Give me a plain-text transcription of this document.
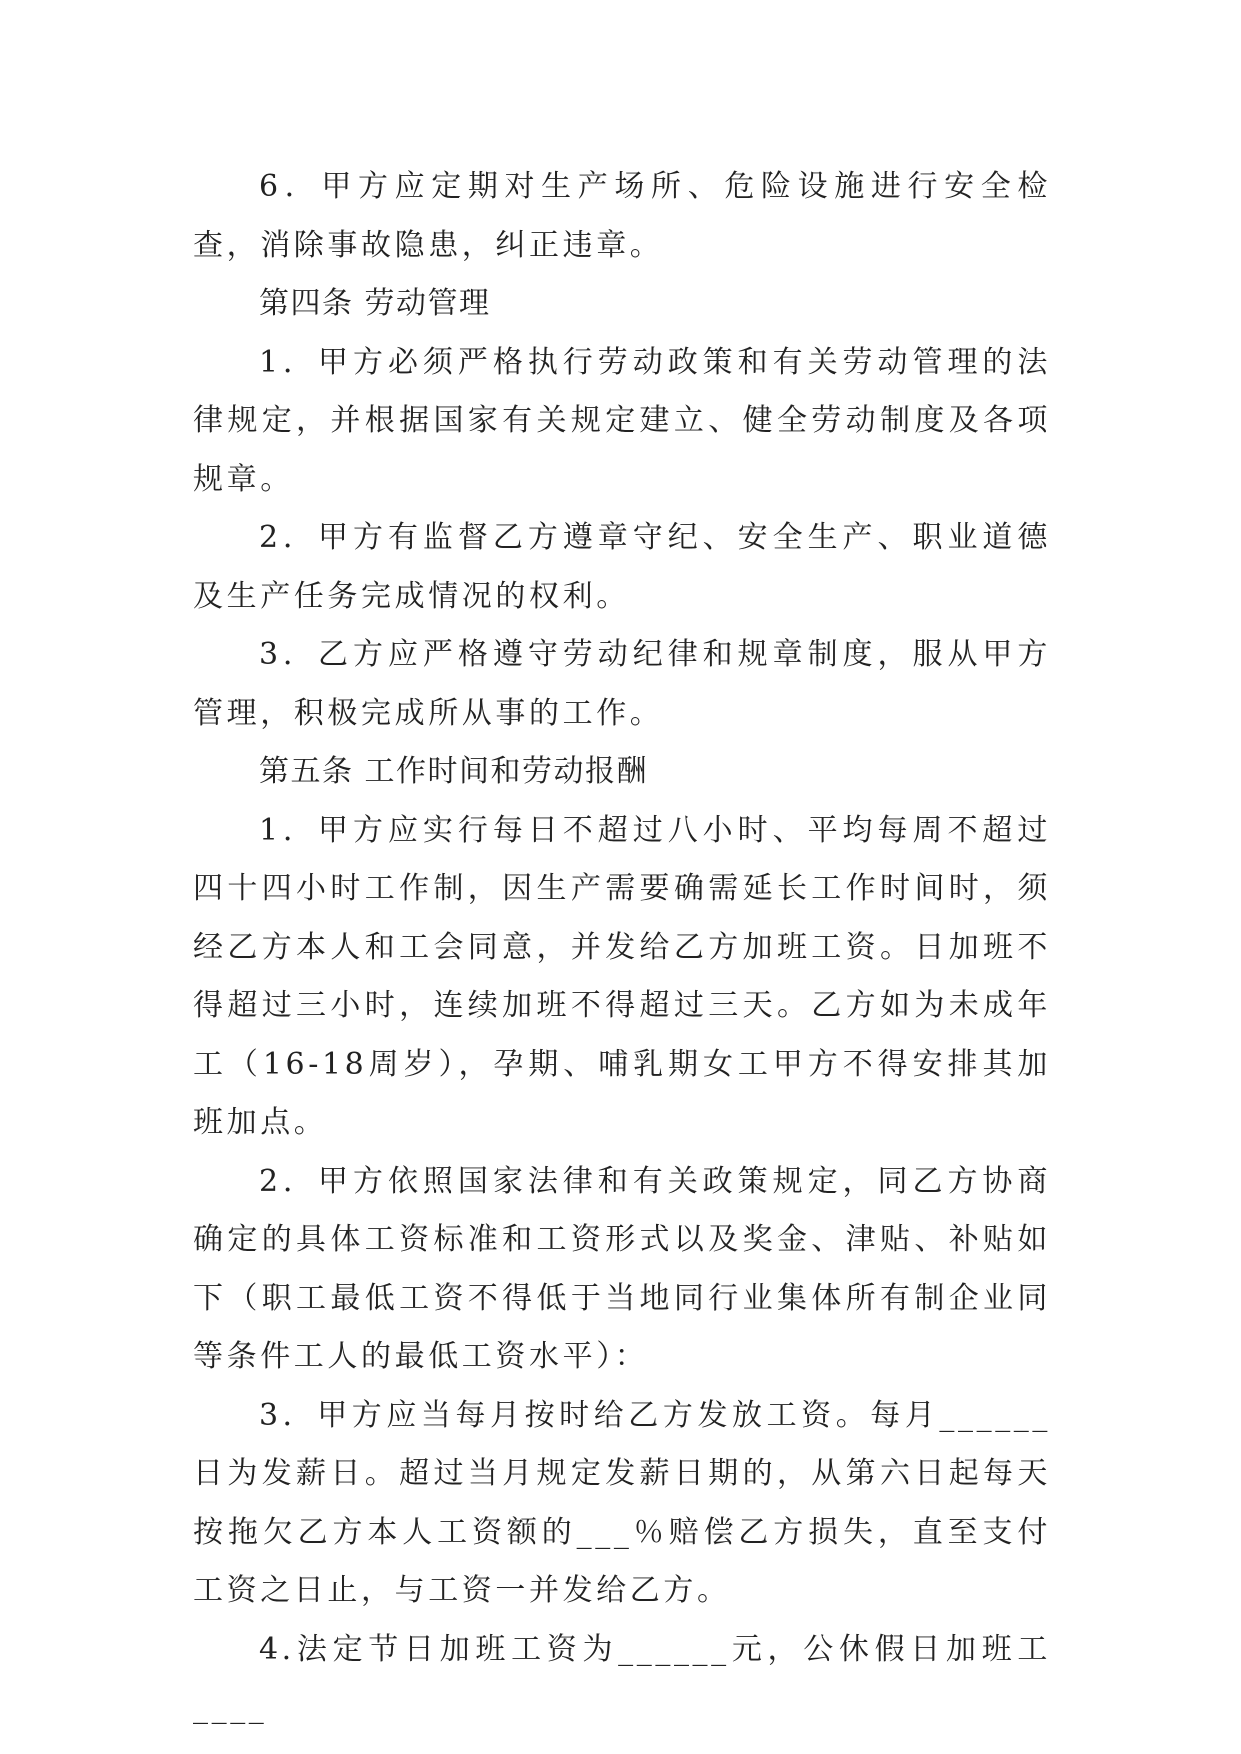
6．甲方应定期对生产场所、危险设施进行安全检查，消除事故隐患，纠正违章。

第四条 劳动管理

1．甲方必须严格执行劳动政策和有关劳动管理的法律规定，并根据国家有关规定建立、健全劳动制度及各项规章。

2．甲方有监督乙方遵章守纪、安全生产、职业道德及生产任务完成情况的权利。

3．乙方应严格遵守劳动纪律和规章制度，服从甲方管理，积极完成所从事的工作。

第五条 工作时间和劳动报酬

1．甲方应实行每日不超过八小时、平均每周不超过四十四小时工作制，因生产需要确需延长工作时间时，须经乙方本人和工会同意，并发给乙方加班工资。日加班不得超过三小时，连续加班不得超过三天。乙方如为未成年工（16-18周岁），孕期、哺乳期女工甲方不得安排其加班加点。

2．甲方依照国家法律和有关政策规定，同乙方协商确定的具体工资标准和工资形式以及奖金、津贴、补贴如下（职工最低工资不得低于当地同行业集体所有制企业同等条件工人的最低工资水平）：

3．甲方应当每月按时给乙方发放工资。每月______日为发薪日。超过当月规定发薪日期的，从第六日起每天按拖欠乙方本人工资额的___％赔偿乙方损失，直至支付工资之日止，与工资一并发给乙方。

4.法定节日加班工资为______元，公休假日加班工____
